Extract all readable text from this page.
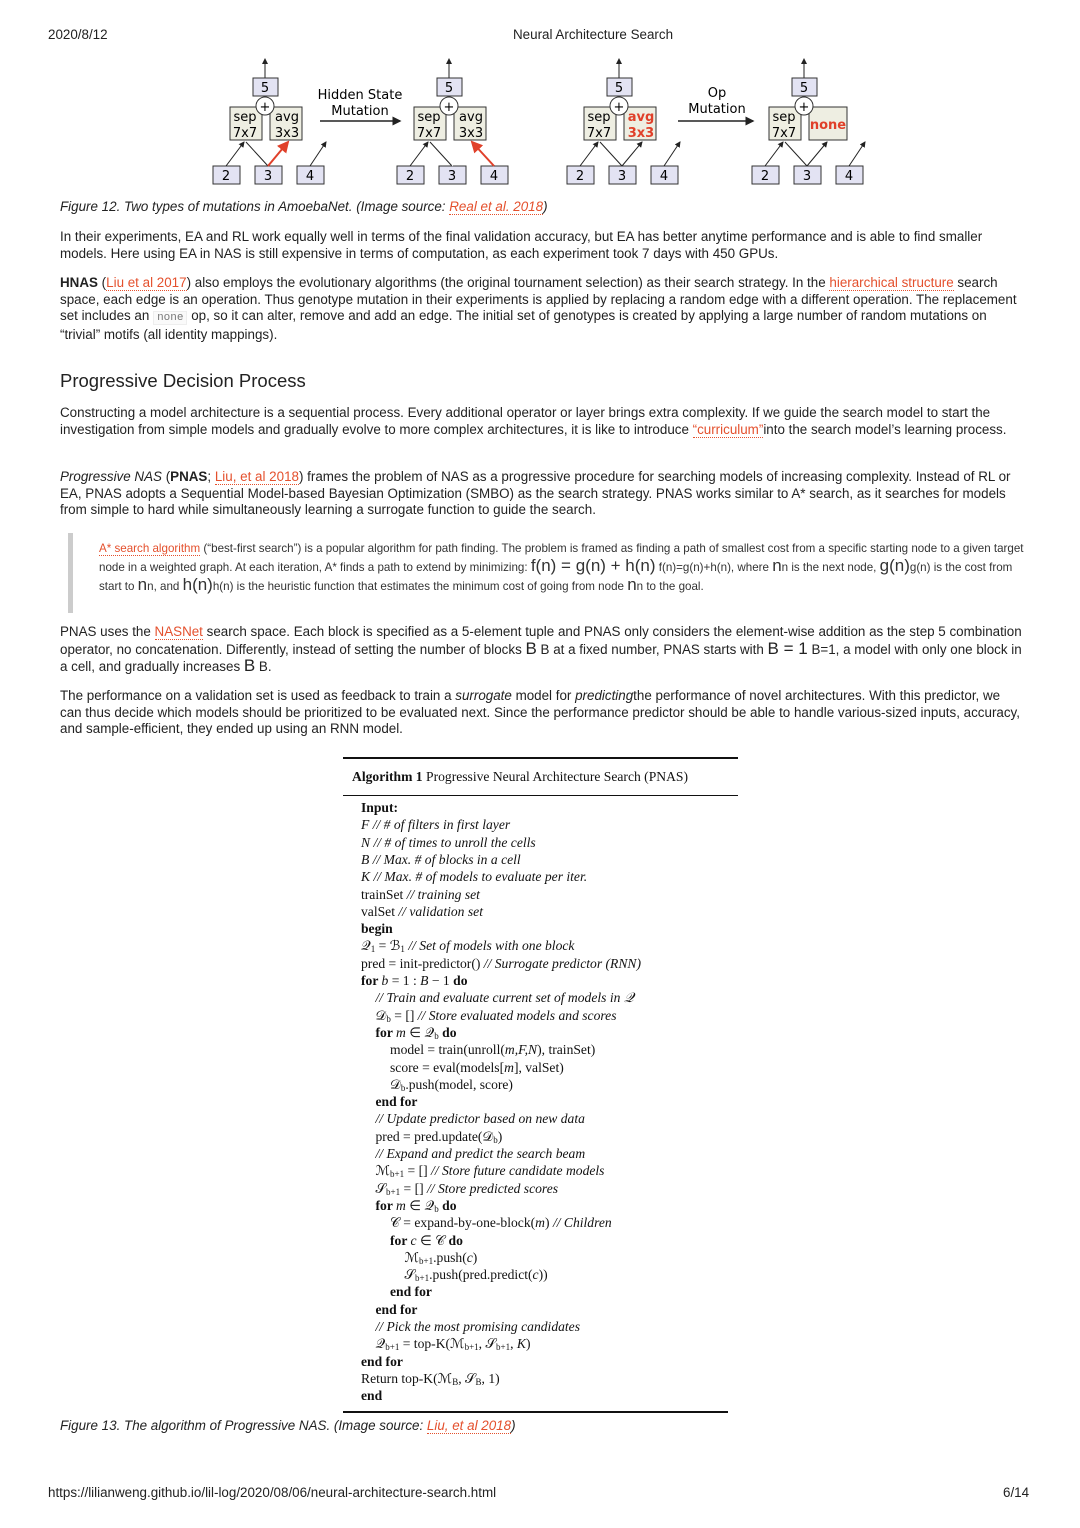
2020/8/12	Neural Architecture Search
5
sep
7x7
avg
3x3
+
2	3	4
5
sep
7x7
avg
3x3
+
2	3	4
5
sep
7x7
avg
3x3
+
2	3	4
5
sep
7x7
none
+
2	3	4
Hidden State
Mutation
Op
Mutation
Figure 12. Two types of mutations in AmoebaNet. (Image source: Real et al. 2018)
In their experiments, EA and RL work equally well in terms of the final validation accuracy, but EA has better anytime performance and is able to find smaller models. Here using EA in NAS is still expensive in terms of computation, as each experiment took 7 days with 450 GPUs.
HNAS (Liu et al 2017) also employs the evolutionary algorithms (the original tournament selection) as their search strategy. In the hierarchical structure search space, each edge is an operation. Thus genotype mutation in their experiments is applied by replacing a random edge with a different operation. The replacement set includes an none op, so it can alter, remove and add an edge. The initial set of genotypes is created by applying a large number of random mutations on “trivial” motifs (all identity mappings).
Progressive Decision Process
Constructing a model architecture is a sequential process. Every additional operator or layer brings extra complexity. If we guide the search model to start the investigation from simple models and gradually evolve to more complex architectures, it is like to introduce “curriculum”into the search model’s learning process.
Progressive NAS (PNAS; Liu, et al 2018) frames the problem of NAS as a progressive procedure for searching models of increasing complexity. Instead of RL or EA, PNAS adopts a Sequential Model-based Bayesian Optimization (SMBO) as the search strategy. PNAS works similar to A* search, as it searches for models from simple to hard while simultaneously learning a surrogate function to guide the search.
A* search algorithm (“best-first search”) is a popular algorithm for path finding. The problem is framed as finding a path of smallest cost from a specific starting node to a given target node in a weighted graph. At each iteration, A* finds a path to extend by minimizing: f(n) = g(n) + h(n) f(n)=g(n)+h(n), where nn is the next node, g(n)g(n) is the cost from start to nn, and h(n)h(n) is the heuristic function that estimates the minimum cost of going from node nn to the goal.
PNAS uses the NASNet search space. Each block is specified as a 5-element tuple and PNAS only considers the element-wise addition as the step 5 combination operator, no concatenation. Differently, instead of setting the number of blocks B B at a fixed number, PNAS starts with B = 1 B=1, a model with only one block in a cell, and gradually increases B B.
The performance on a validation set is used as feedback to train a surrogate model for predictingthe performance of novel architectures. With this predictor, we can thus decide which models should be prioritized to be evaluated next. Since the performance predictor should be able to handle various-sized inputs, accuracy, and sample-efficient, they ended up using an RNN model.
Algorithm 1 Progressive Neural Architecture Search (PNAS)
Input:
F // # of filters in first layer
N // # of times to unroll the cells
B // Max. # of blocks in a cell
K // Max. # of models to evaluate per iter.
trainSet // training set
valSet // validation set
begin
𝒬1 = ℬ1 // Set of models with one block
pred = init-predictor() // Surrogate predictor (RNN)
for b = 1 : B − 1 do
// Train and evaluate current set of models in 𝒬
𝒟b = [] // Store evaluated models and scores
for m ∈ 𝒬b do
model = train(unroll(m,F,N), trainSet)
score = eval(models[m], valSet)
𝒟b.push(model, score)
end for
// Update predictor based on new data
pred = pred.update(𝒟b)
// Expand and predict the search beam
ℳb+1 = [] // Store future candidate models
𝒮b+1 = [] // Store predicted scores
for m ∈ 𝒬b do
𝒞 = expand-by-one-block(m) // Children
for c ∈ 𝒞 do
ℳb+1.push(c)
𝒮b+1.push(pred.predict(c))
end for
end for
// Pick the most promising candidates
𝒬b+1 = top-K(ℳb+1, 𝒮b+1, K)
end for
Return top-K(ℳB, 𝒮B, 1)
end
Figure 13. The algorithm of Progressive NAS. (Image source: Liu, et al 2018)
https://lilianweng.github.io/lil-log/2020/08/06/neural-architecture-search.html	6/14
